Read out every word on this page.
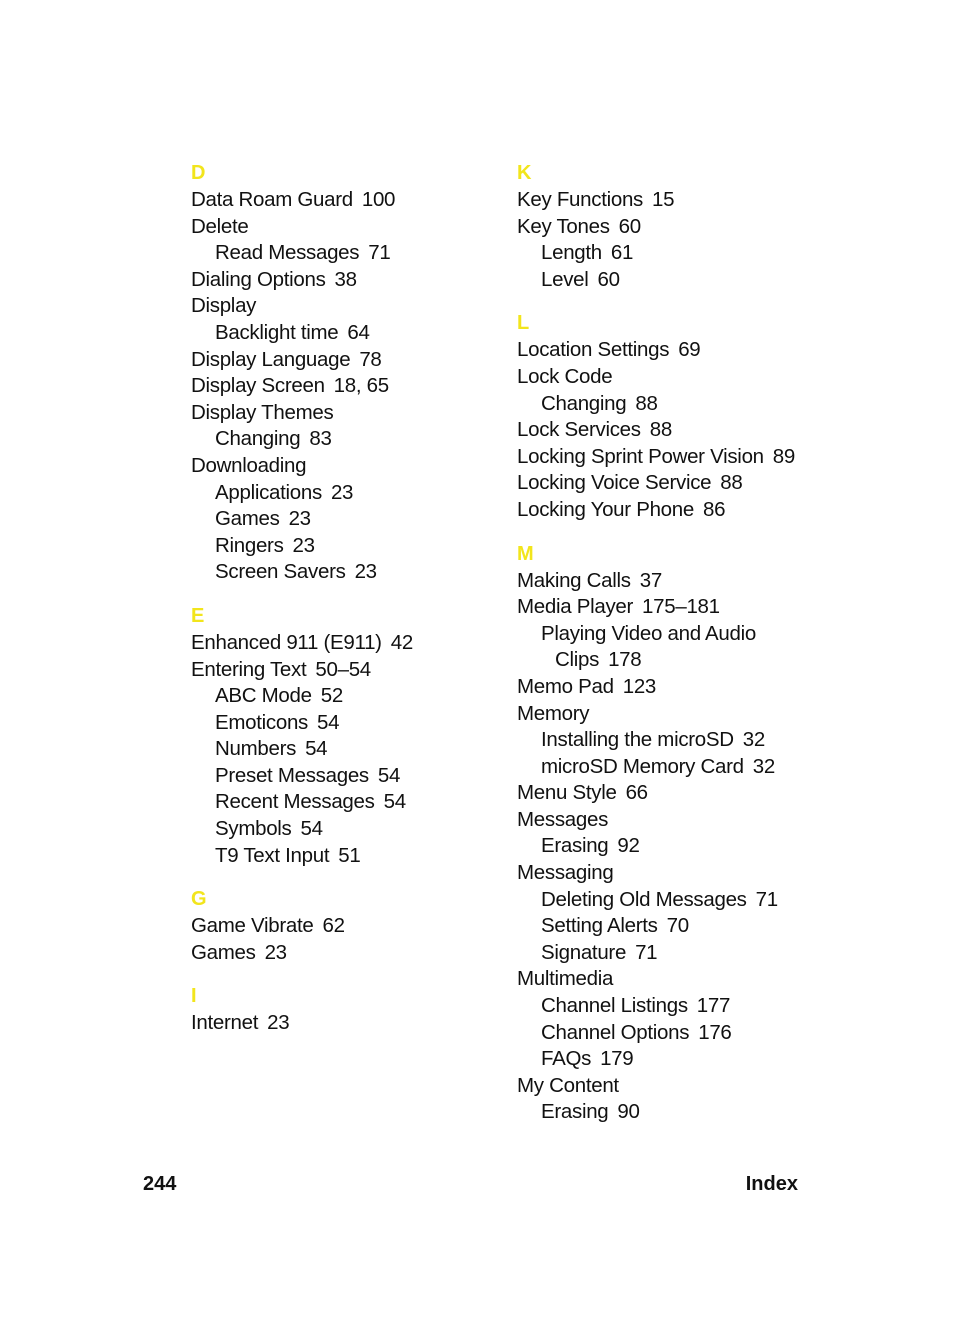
D
Data Roam Guard 100
Delete
Read Messages 71
Dialing Options 38
Display
Backlight time 64
Display Language 78
Display Screen 18, 65
Display Themes
Changing 83
Downloading
Applications 23
Games 23
Ringers 23
Screen Savers 23
E
Enhanced 911 (E911) 42
Entering Text 50–54
ABC Mode 52
Emoticons 54
Numbers 54
Preset Messages 54
Recent Messages 54
Symbols 54
T9 Text Input 51
G
Game Vibrate 62
Games 23
I
Internet 23
K
Key Functions 15
Key Tones 60
Length 61
Level 60
L
Location Settings 69
Lock Code
Changing 88
Lock Services 88
Locking Sprint Power Vision 89
Locking Voice Service 88
Locking Your Phone 86
M
Making Calls 37
Media Player 175–181
Playing Video and Audio
Clips 178
Memo Pad 123
Memory
Installing the microSD 32
microSD Memory Card 32
Menu Style 66
Messages
Erasing 92
Messaging
Deleting Old Messages 71
Setting Alerts 70
Signature 71
Multimedia
Channel Listings 177
Channel Options 176
FAQs 179
My Content
Erasing 90
244	Index
